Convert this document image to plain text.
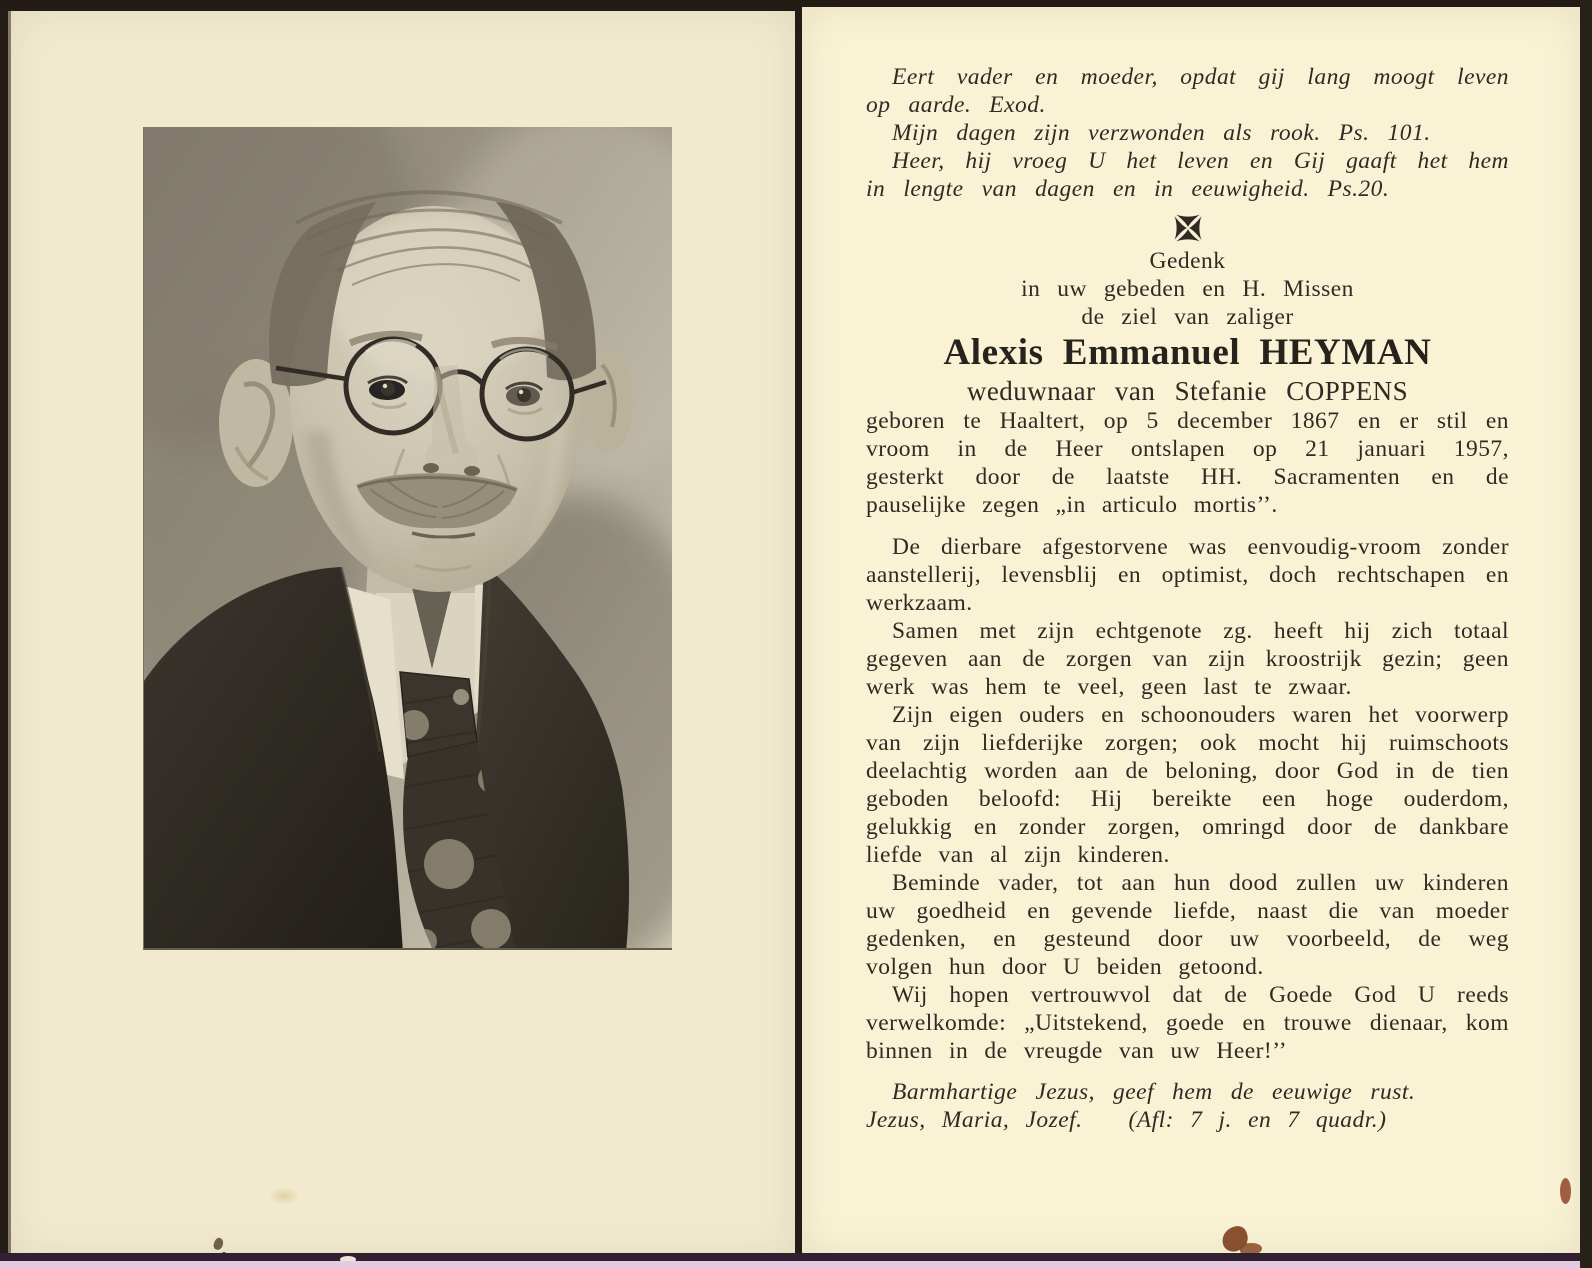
Eert vader en moeder, opdat gij lang moogt leven op aarde. Exod.

Mijn dagen zijn verzwonden als rook. Ps. 101.

Heer, hij vroeg U het leven en Gij gaaft het hem in lengte van dagen en in eeuwigheid. Ps.20.

Gedenk

in uw gebeden en H. Missen

de ziel van zaliger

Alexis Emmanuel HEYMAN

weduwnaar van Stefanie COPPENS

geboren te Haaltert, op 5 december 1867 en er stil en vroom in de Heer ontslapen op 21 januari 1957, gesterkt door de laatste HH. Sacramenten en de pauselijke zegen „in articulo mortis’’.

De dierbare afgestorvene was eenvoudig-vroom zonder aanstellerij, levensblij en optimist, doch rechtschapen en werkzaam.

Samen met zijn echtgenote zg. heeft hij zich totaal gegeven aan de zorgen van zijn kroostrijk gezin; geen werk was hem te veel, geen last te zwaar.

Zijn eigen ouders en schoonouders waren het voorwerp van zijn liefderijke zorgen; ook mocht hij ruimschoots deelachtig worden aan de beloning, door God in de tien geboden beloofd: Hij bereikte een hoge ouderdom, gelukkig en zonder zorgen, omringd door de dankbare liefde van al zijn kinderen.

Beminde vader, tot aan hun dood zullen uw kinderen uw goedheid en gevende liefde, naast die van moeder gedenken, en gesteund door uw voorbeeld, de weg volgen hun door U beiden getoond.

Wij hopen vertrouwvol dat de Goede God U reeds verwelkomde: „Uitstekend, goede en trouwe dienaar, kom binnen in de vreugde van uw Heer!’’

Barmhartige Jezus, geef hem de eeuwige rust.

Jezus, Maria, Jozef. (Afl: 7 j. en 7 quadr.)
